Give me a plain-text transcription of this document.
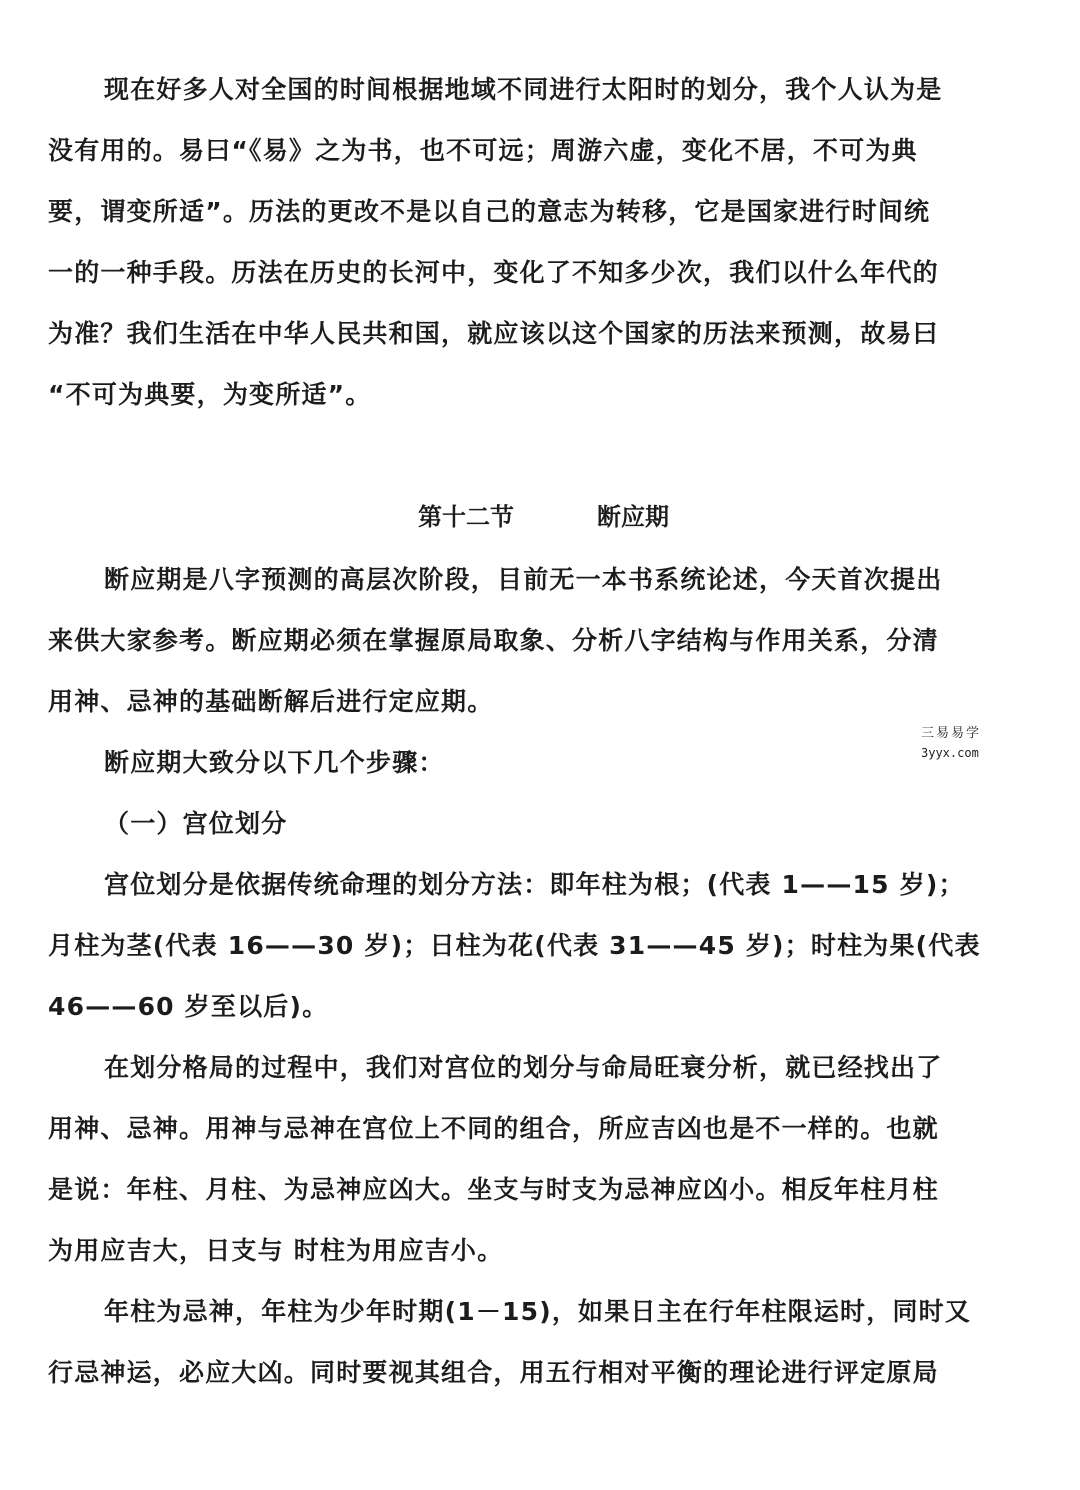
现在好多人对全国的时间根据地域不同进行太阳时的划分，我个人认为是
没有用的。易曰“《易》之为书，也不可远；周游六虚，变化不居，不可为典
要，谓变所适”。历法的更改不是以自己的意志为转移，它是国家进行时间统
一的一种手段。历法在历史的长河中，变化了不知多少次，我们以什么年代的
为准？我们生活在中华人民共和国，就应该以这个国家的历法来预测，故易曰
“不可为典要，为变所适”。
第十二节	断应期
断应期是八字预测的高层次阶段，目前无一本书系统论述，今天首次提出
来供大家参考。断应期必须在掌握原局取象、分析八字结构与作用关系，分清
用神、忌神的基础断解后进行定应期。
三易易学
3yyx.com
断应期大致分以下几个步骤：
（一）宫位划分
宫位划分是依据传统命理的划分方法：即年柱为根；(代表 1——15 岁)；
月柱为茎(代表 16——30 岁)；日柱为花(代表 31——45 岁)；时柱为果(代表
46——60 岁至以后)。
在划分格局的过程中，我们对宫位的划分与命局旺衰分析，就已经找出了
用神、忌神。用神与忌神在宫位上不同的组合，所应吉凶也是不一样的。也就
是说：年柱、月柱、为忌神应凶大。坐支与时支为忌神应凶小。相反年柱月柱
为用应吉大，日支与 时柱为用应吉小。
年柱为忌神，年柱为少年时期(1－15)，如果日主在行年柱限运时，同时又
行忌神运，必应大凶。同时要视其组合，用五行相对平衡的理论进行评定原局
